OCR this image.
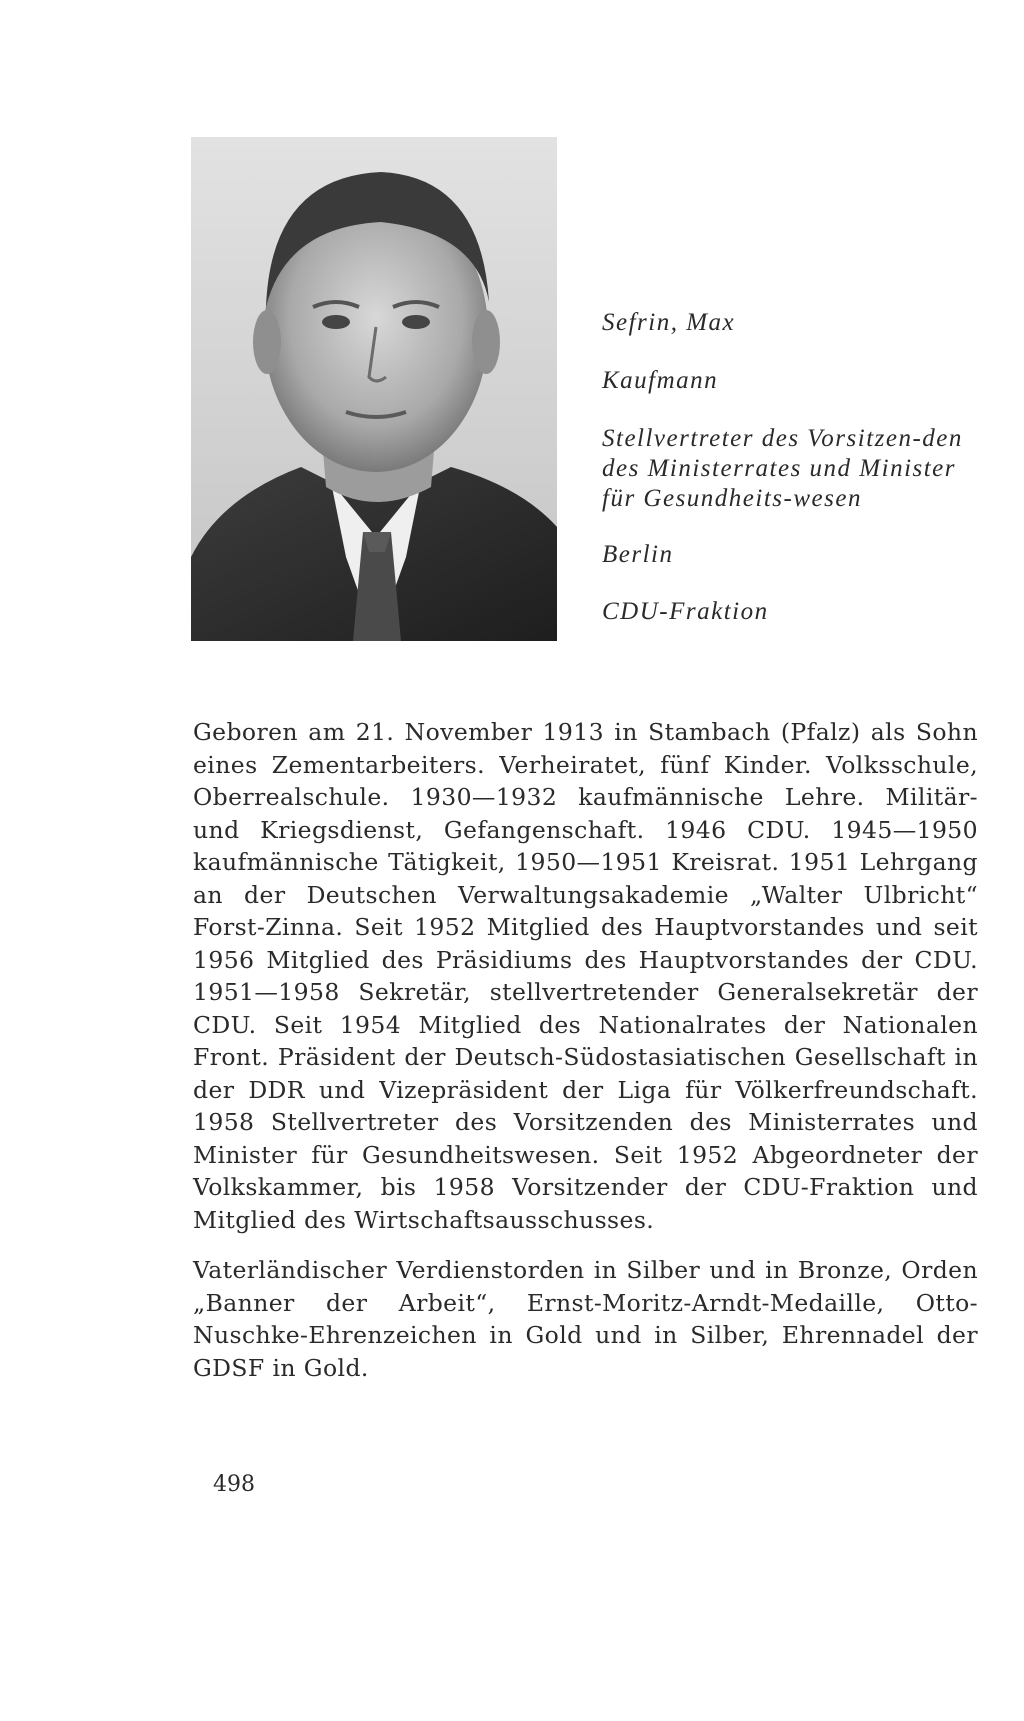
Sefrin, Max
Kaufmann
Stellvertreter des Vorsitzen-den des Ministerrates und Minister für Gesundheits-wesen
Berlin
CDU-Fraktion

Geboren am 21. November 1913 in Stambach (Pfalz) als Sohn eines Zementarbeiters. Verheiratet, fünf Kinder. Volksschule, Oberrealschule. 1930—1932 kaufmännische Lehre. Militär- und Kriegsdienst, Gefangenschaft. 1946 CDU. 1945—1950 kaufmännische Tätigkeit, 1950—1951 Kreisrat. 1951 Lehrgang an der Deutschen Verwaltungsakademie „Walter Ulbricht“ Forst-Zinna. Seit 1952 Mitglied des Hauptvorstandes und seit 1956 Mitglied des Präsidiums des Hauptvorstandes der CDU. 1951—1958 Sekretär, stellvertretender Generalsekretär der CDU. Seit 1954 Mitglied des Nationalrates der Nationalen Front. Präsident der Deutsch-Südostasiatischen Gesellschaft in der DDR und Vizepräsident der Liga für Völkerfreundschaft. 1958 Stellvertreter des Vorsitzenden des Ministerrates und Minister für Gesundheitswesen. Seit 1952 Abgeordneter der Volkskammer, bis 1958 Vorsitzender der CDU-Fraktion und Mitglied des Wirtschaftsausschusses.

Vaterländischer Verdienstorden in Silber und in Bronze, Orden „Banner der Arbeit“, Ernst-Moritz-Arndt-Medaille, Otto-Nuschke-Ehrenzeichen in Gold und in Silber, Ehrennadel der GDSF in Gold.

498
